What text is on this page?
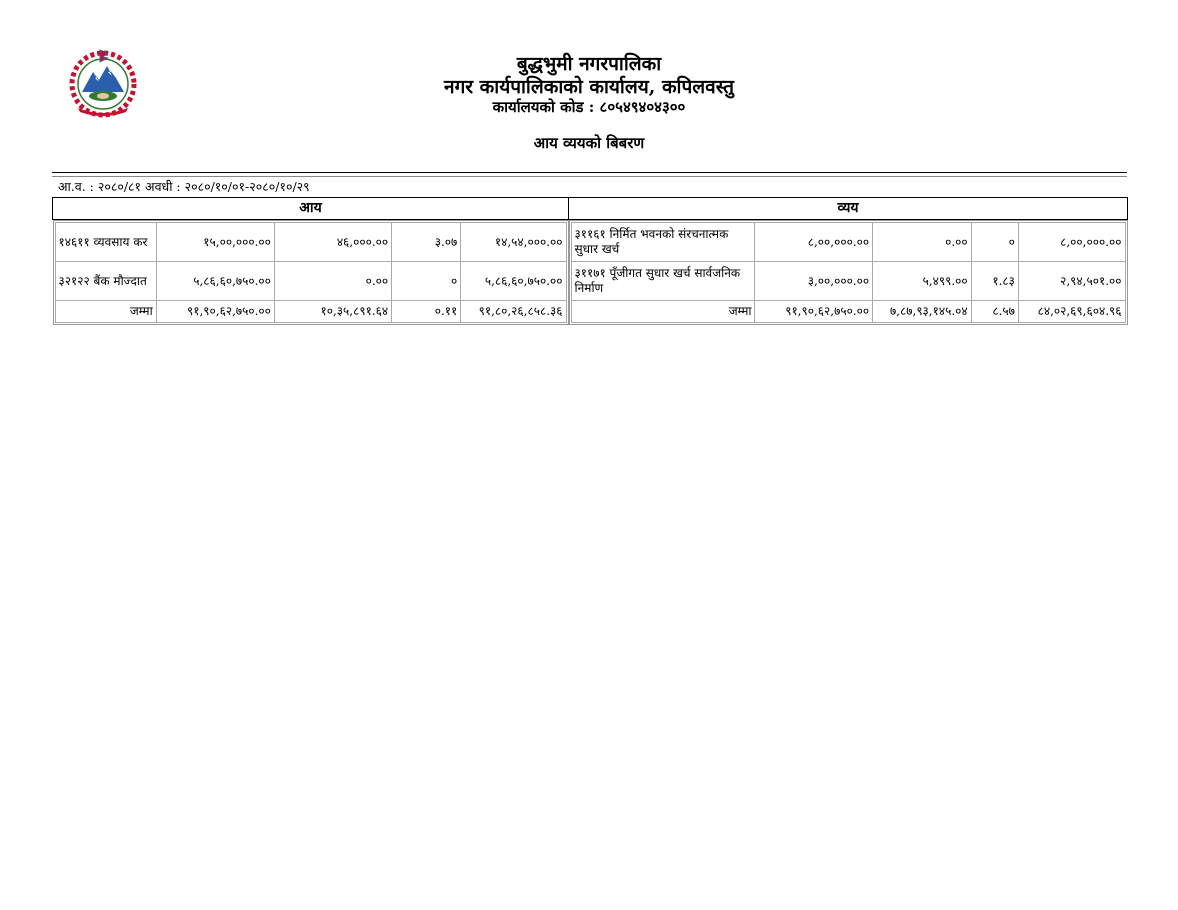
बुद्धभुमी नगरपालिका
नगर कार्यपालिकाको कार्यालय, कपिलवस्तु
कार्यालयको कोड : ८०५४९४०४३००
आय व्ययको बिबरण
आ.व. : २०८०/८१ अवधी : २०८०/१०/०१-२०८०/१०/२९
आय	व्यय

१४६११ व्यवसाय कर	१५,००,०००.००	४६,०००.००	३.०७	१४,५४,०००.००
३२१२२ बैंक मौज्दात	५,८६,६०,७५०.००	०.००	०	५,८६,६०,७५०.००
जम्मा	९१,९०,६२,७५०.००	१०,३५,८९१.६४	०.११	९१,८०,२६,८५८.३६

३११६१ निर्मित भवनको संरचनात्मक सुधार खर्च	८,००,०००.००	०.००	०	८,००,०००.००
३११७१ पूँजीगत सुधार खर्च सार्वजनिक निर्माण	३,००,०००.००	५,४९९.००	१.८३	२,९४,५०१.००
जम्मा	९१,९०,६२,७५०.००	७,८७,९३,१४५.०४	८.५७	८४,०२,६९,६०४.९६
